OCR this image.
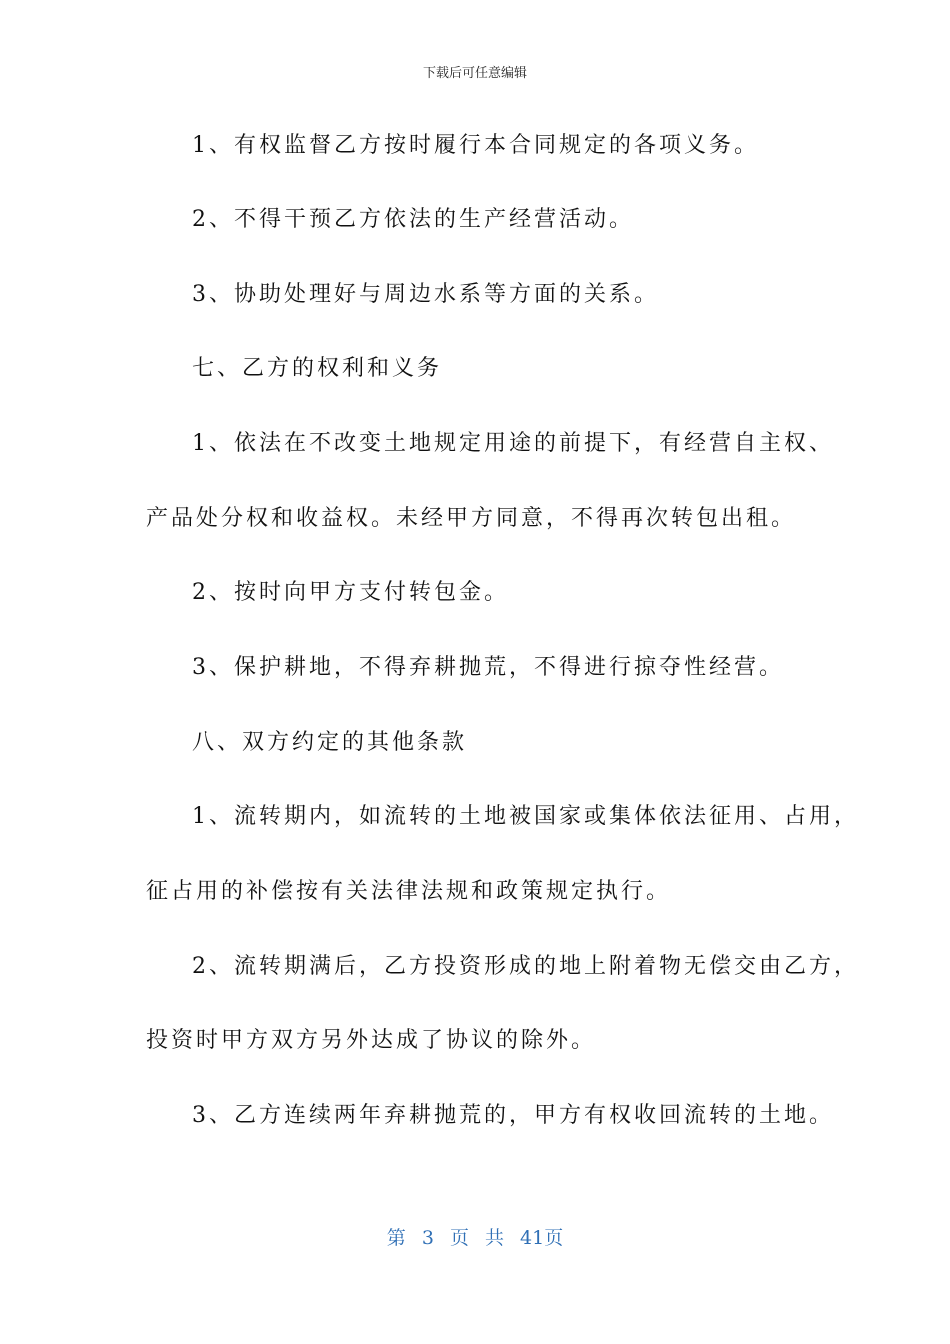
下载后可任意编辑
1、有权监督乙方按时履行本合同规定的各项义务。
2、不得干预乙方依法的生产经营活动。
3、协助处理好与周边水系等方面的关系。
七、乙方的权利和义务
1、依法在不改变土地规定用途的前提下，有经营自主权、
产品处分权和收益权。未经甲方同意，不得再次转包出租。
2、按时向甲方支付转包金。
3、保护耕地，不得弃耕抛荒，不得进行掠夺性经营。
八、双方约定的其他条款
1、流转期内，如流转的土地被国家或集体依法征用、占用，
征占用的补偿按有关法律法规和政策规定执行。
2、流转期满后，乙方投资形成的地上附着物无偿交由乙方，
投资时甲方双方另外达成了协议的除外。
3、乙方连续两年弃耕抛荒的，甲方有权收回流转的土地。
第 3 页 共 41页
